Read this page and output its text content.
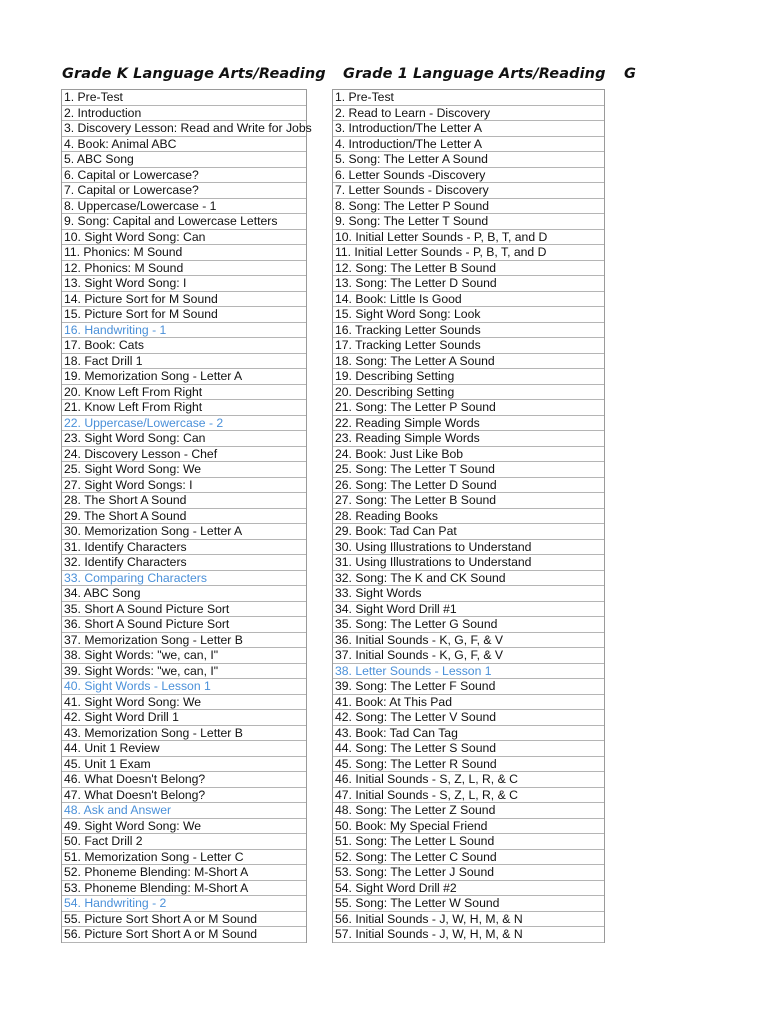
Grade K Language Arts/Reading Grade 1 Language Arts/Reading G
1. Pre-Test
2. Introduction
3. Discovery Lesson: Read and Write for Jobs
4. Book: Animal ABC
5. ABC Song
6. Capital or Lowercase?
7. Capital or Lowercase?
8. Uppercase/Lowercase - 1
9. Song: Capital and Lowercase Letters
10. Sight Word Song: Can
11. Phonics: M Sound
12. Phonics: M Sound
13. Sight Word Song: I
14. Picture Sort for M Sound
15. Picture Sort for M Sound
16. Handwriting - 1
17. Book: Cats
18. Fact Drill 1
19. Memorization Song - Letter A
20. Know Left From Right
21. Know Left From Right
22. Uppercase/Lowercase - 2
23. Sight Word Song: Can
24. Discovery Lesson - Chef
25. Sight Word Song: We
27. Sight Word Songs: I
28. The Short A Sound
29. The Short A Sound
30. Memorization Song - Letter A
31. Identify Characters
32. Identify Characters
33. Comparing Characters
34. ABC Song
35. Short A Sound Picture Sort
36. Short A Sound Picture Sort
37. Memorization Song - Letter B
38. Sight Words: "we, can, I"
39. Sight Words: "we, can, I"
40. Sight Words - Lesson 1
41. Sight Word Song: We
42. Sight Word Drill 1
43. Memorization Song - Letter B
44. Unit 1 Review
45. Unit 1 Exam
46. What Doesn't Belong?
47. What Doesn't Belong?
48. Ask and Answer
49. Sight Word Song: We
50. Fact Drill 2
51. Memorization Song - Letter C
52. Phoneme Blending: M-Short A
53. Phoneme Blending: M-Short A
54. Handwriting - 2
55. Picture Sort Short A or M Sound
56. Picture Sort Short A or M Sound
1. Pre-Test
2. Read to Learn - Discovery
3. Introduction/The Letter A
4. Introduction/The Letter A
5. Song: The Letter A Sound
6. Letter Sounds -Discovery
7. Letter Sounds - Discovery
8. Song: The Letter P Sound
9. Song: The Letter T Sound
10. Initial Letter Sounds - P, B, T, and D
11. Initial Letter Sounds - P, B, T, and D
12. Song: The Letter B Sound
13. Song: The Letter D Sound
14. Book: Little Is Good
15. Sight Word Song: Look
16. Tracking Letter Sounds
17. Tracking Letter Sounds
18. Song: The Letter A Sound
19. Describing Setting
20. Describing Setting
21. Song: The Letter P Sound
22. Reading Simple Words
23. Reading Simple Words
24. Book: Just Like Bob
25. Song: The Letter T Sound
26. Song: The Letter D Sound
27. Song: The Letter B Sound
28. Reading Books
29. Book: Tad Can Pat
30. Using Illustrations to Understand
31. Using Illustrations to Understand
32. Song: The K and CK Sound
33. Sight Words
34. Sight Word Drill #1
35. Song: The Letter G Sound
36. Initial Sounds - K, G, F, & V
37. Initial Sounds - K, G, F, & V
38. Letter Sounds - Lesson 1
39. Song: The Letter F Sound
41. Book: At This Pad
42. Song: The Letter V Sound
43. Book: Tad Can Tag
44. Song: The Letter S Sound
45. Song: The Letter R Sound
46. Initial Sounds - S, Z, L, R, & C
47. Initial Sounds - S, Z, L, R, & C
48. Song: The Letter Z Sound
50. Book: My Special Friend
51. Song: The Letter L Sound
52. Song: The Letter C Sound
53. Song: The Letter J Sound
54. Sight Word Drill #2
55. Song: The Letter W Sound
56. Initial Sounds - J, W, H, M, & N
57. Initial Sounds - J, W, H, M, & N
